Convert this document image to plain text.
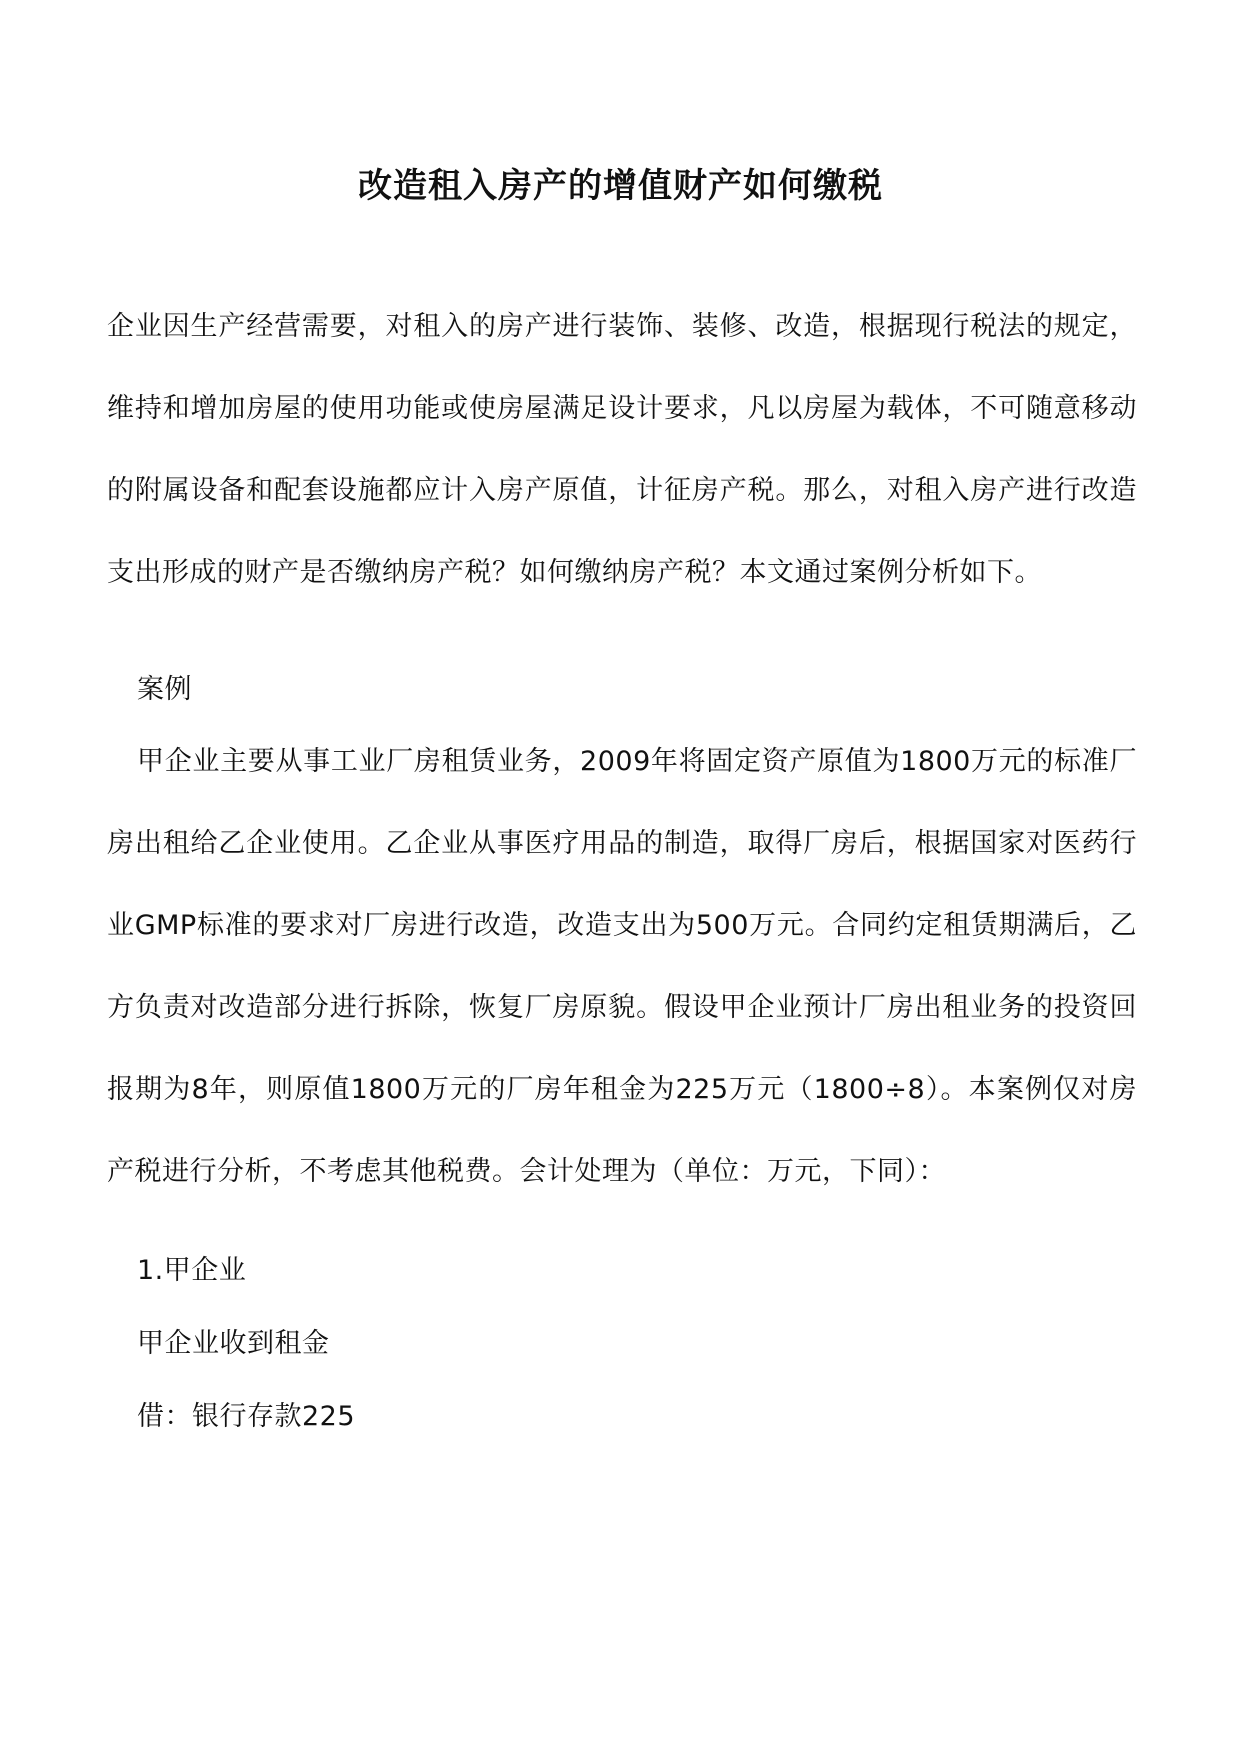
改造租入房产的增值财产如何缴税

企业因生产经营需要，对租入的房产进行装饰、装修、改造，根据现行税法的规定，维持和增加房屋的使用功能或使房屋满足设计要求，凡以房屋为载体，不可随意移动的附属设备和配套设施都应计入房产原值，计征房产税。那么，对租入房产进行改造支出形成的财产是否缴纳房产税？如何缴纳房产税？本文通过案例分析如下。

案例

甲企业主要从事工业厂房租赁业务，2009年将固定资产原值为1800万元的标准厂房出租给乙企业使用。乙企业从事医疗用品的制造，取得厂房后，根据国家对医药行业GMP标准的要求对厂房进行改造，改造支出为500万元。合同约定租赁期满后，乙方负责对改造部分进行拆除，恢复厂房原貌。假设甲企业预计厂房出租业务的投资回报期为8年，则原值1800万元的厂房年租金为225万元（1800÷8）。本案例仅对房产税进行分析，不考虑其他税费。会计处理为（单位：万元，下同）：

1.甲企业

甲企业收到租金

借：银行存款225
